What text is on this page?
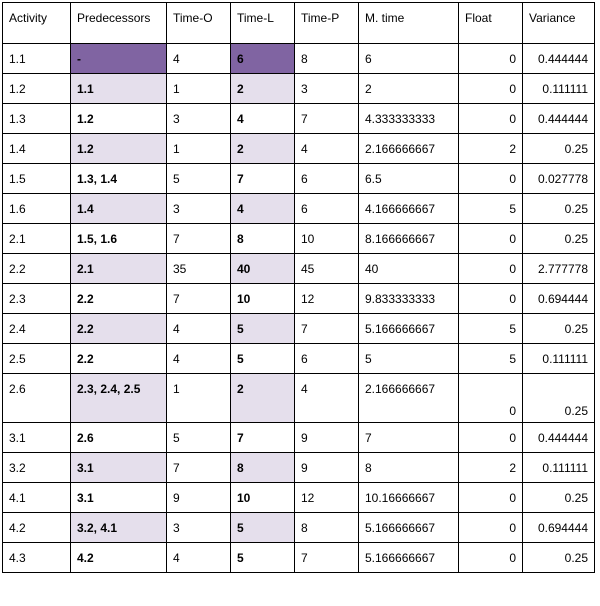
Activity	Predecessors	Time-O	Time-L	Time-P	M. time	Float	Variance

1.1	-	4	6	8	6	0	0.444444

1.2	1.1	1	2	3	2	0	0.111111

1.3	1.2	3	4	7	4.333333333	0	0.444444

1.4	1.2	1	2	4	2.166666667	2	0.25

1.5	1.3, 1.4	5	7	6	6.5	0	0.027778

1.6	1.4	3	4	6	4.166666667	5	0.25

2.1	1.5, 1.6	7	8	10	8.166666667	0	0.25

2.2	2.1	35	40	45	40	0	2.777778

2.3	2.2	7	10	12	9.833333333	0	0.694444

2.4	2.2	4	5	7	5.166666667	5	0.25

2.5	2.2	4	5	6	5	5	0.111111

2.6	2.3, 2.4, 2.5	1	2	4	2.166666667	0	0.25

3.1	2.6	5	7	9	7	0	0.444444

3.2	3.1	7	8	9	8	2	0.111111

4.1	3.1	9	10	12	10.16666667	0	0.25

4.2	3.2, 4.1	3	5	8	5.166666667	0	0.694444

4.3	4.2	4	5	7	5.166666667	0	0.25
